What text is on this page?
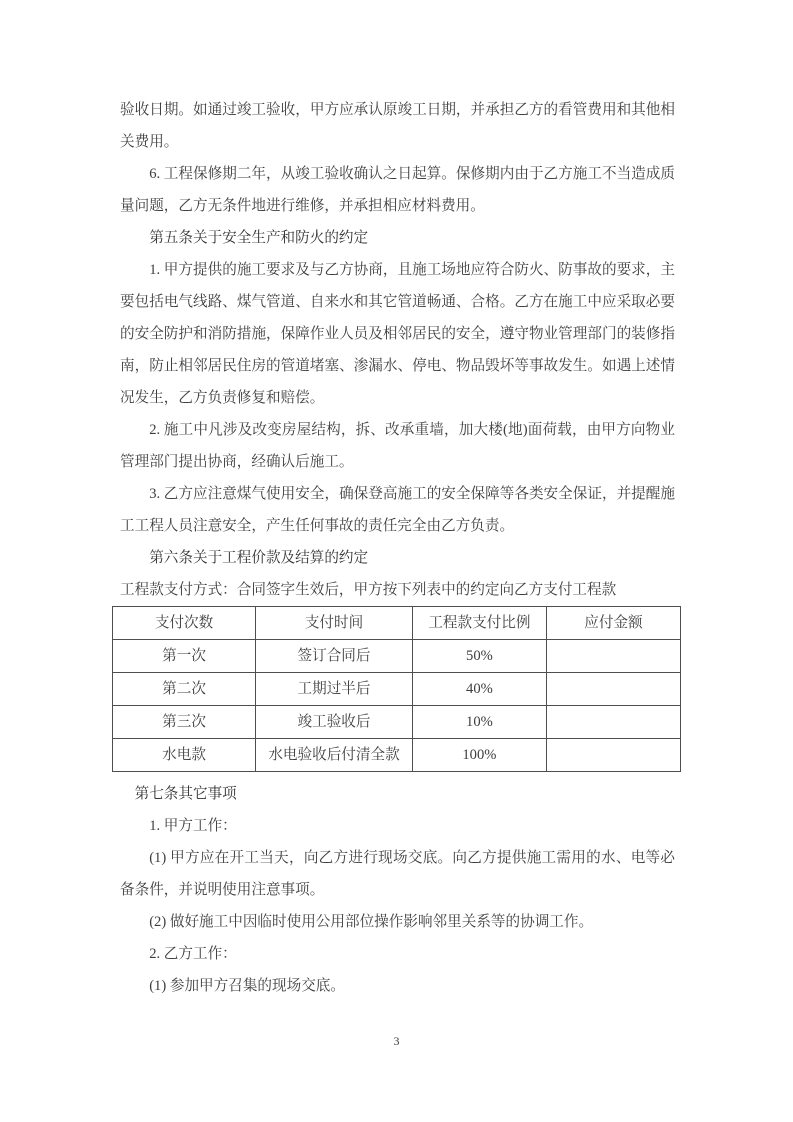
验收日期。如通过竣工验收，甲方应承认原竣工日期，并承担乙方的看管费用和其他相关费用。

6. 工程保修期二年，从竣工验收确认之日起算。保修期内由于乙方施工不当造成质量问题，乙方无条件地进行维修，并承担相应材料费用。

第五条关于安全生产和防火的约定

1. 甲方提供的施工要求及与乙方协商，且施工场地应符合防火、防事故的要求，主要包括电气线路、煤气管道、自来水和其它管道畅通、合格。乙方在施工中应采取必要的安全防护和消防措施，保障作业人员及相邻居民的安全，遵守物业管理部门的装修指南，防止相邻居民住房的管道堵塞、渗漏水、停电、物品毁坏等事故发生。如遇上述情况发生，乙方负责修复和赔偿。

2. 施工中凡涉及改变房屋结构，拆、改承重墙，加大楼(地)面荷载，由甲方向物业管理部门提出协商，经确认后施工。

3. 乙方应注意煤气使用安全，确保登高施工的安全保障等各类安全保证，并提醒施工工程人员注意安全，产生任何事故的责任完全由乙方负责。

第六条关于工程价款及结算的约定

工程款支付方式：合同签字生效后，甲方按下列表中的约定向乙方支付工程款

支付次数	支付时间	工程款支付比例	应付金额
第一次	签订合同后	50%	
第二次	工期过半后	40%	
第三次	竣工验收后	10%	
水电款	水电验收后付清全款	100%	
第七条其它事项

1. 甲方工作：

(1) 甲方应在开工当天，向乙方进行现场交底。向乙方提供施工需用的水、电等必备条件，并说明使用注意事项。

(2) 做好施工中因临时使用公用部位操作影响邻里关系等的协调工作。

2. 乙方工作：

(1) 参加甲方召集的现场交底。

3
